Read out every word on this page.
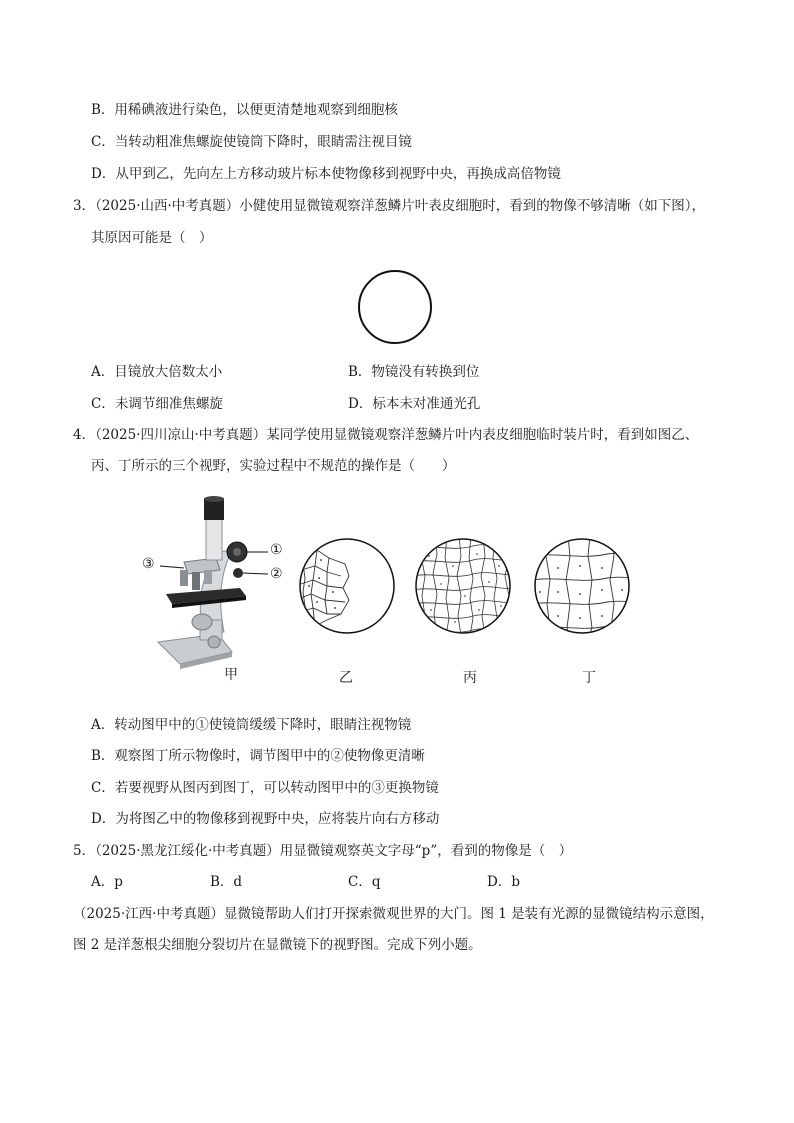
B．用稀碘液进行染色，以便更清楚地观察到细胞核
C．当转动粗准焦螺旋使镜筒下降时，眼睛需注视目镜
D．从甲到乙，先向左上方移动玻片标本使物像移到视野中央，再换成高倍物镜
3．（2025·山西·中考真题）小健使用显微镜观察洋葱鳞片叶表皮细胞时，看到的物像不够清晰（如下图），
其原因可能是（　）
A．目镜放大倍数太小	B．物镜没有转换到位
C．未调节细准焦螺旋	D．标本未对准通光孔
4．（2025·四川凉山·中考真题）某同学使用显微镜观察洋葱鳞片叶内表皮细胞临时装片时，看到如图乙、
丙、丁所示的三个视野，实验过程中不规范的操作是（　　）
①
②
③
甲	乙	丙	丁
A．转动图甲中的①使镜筒缓缓下降时，眼睛注视物镜
B．观察图丁所示物像时，调节图甲中的②使物像更清晰
C．若要视野从图丙到图丁，可以转动图甲中的③更换物镜
D．为将图乙中的物像移到视野中央，应将装片向右方移动
5．（2025·黑龙江绥化·中考真题）用显微镜观察英文字母“p”，看到的物像是（　）
A．p	B．d	C．q	D．b
（2025·江西·中考真题）显微镜帮助人们打开探索微观世界的大门。图 1 是装有光源的显微镜结构示意图，
图 2 是洋葱根尖细胞分裂切片在显微镜下的视野图。完成下列小题。
